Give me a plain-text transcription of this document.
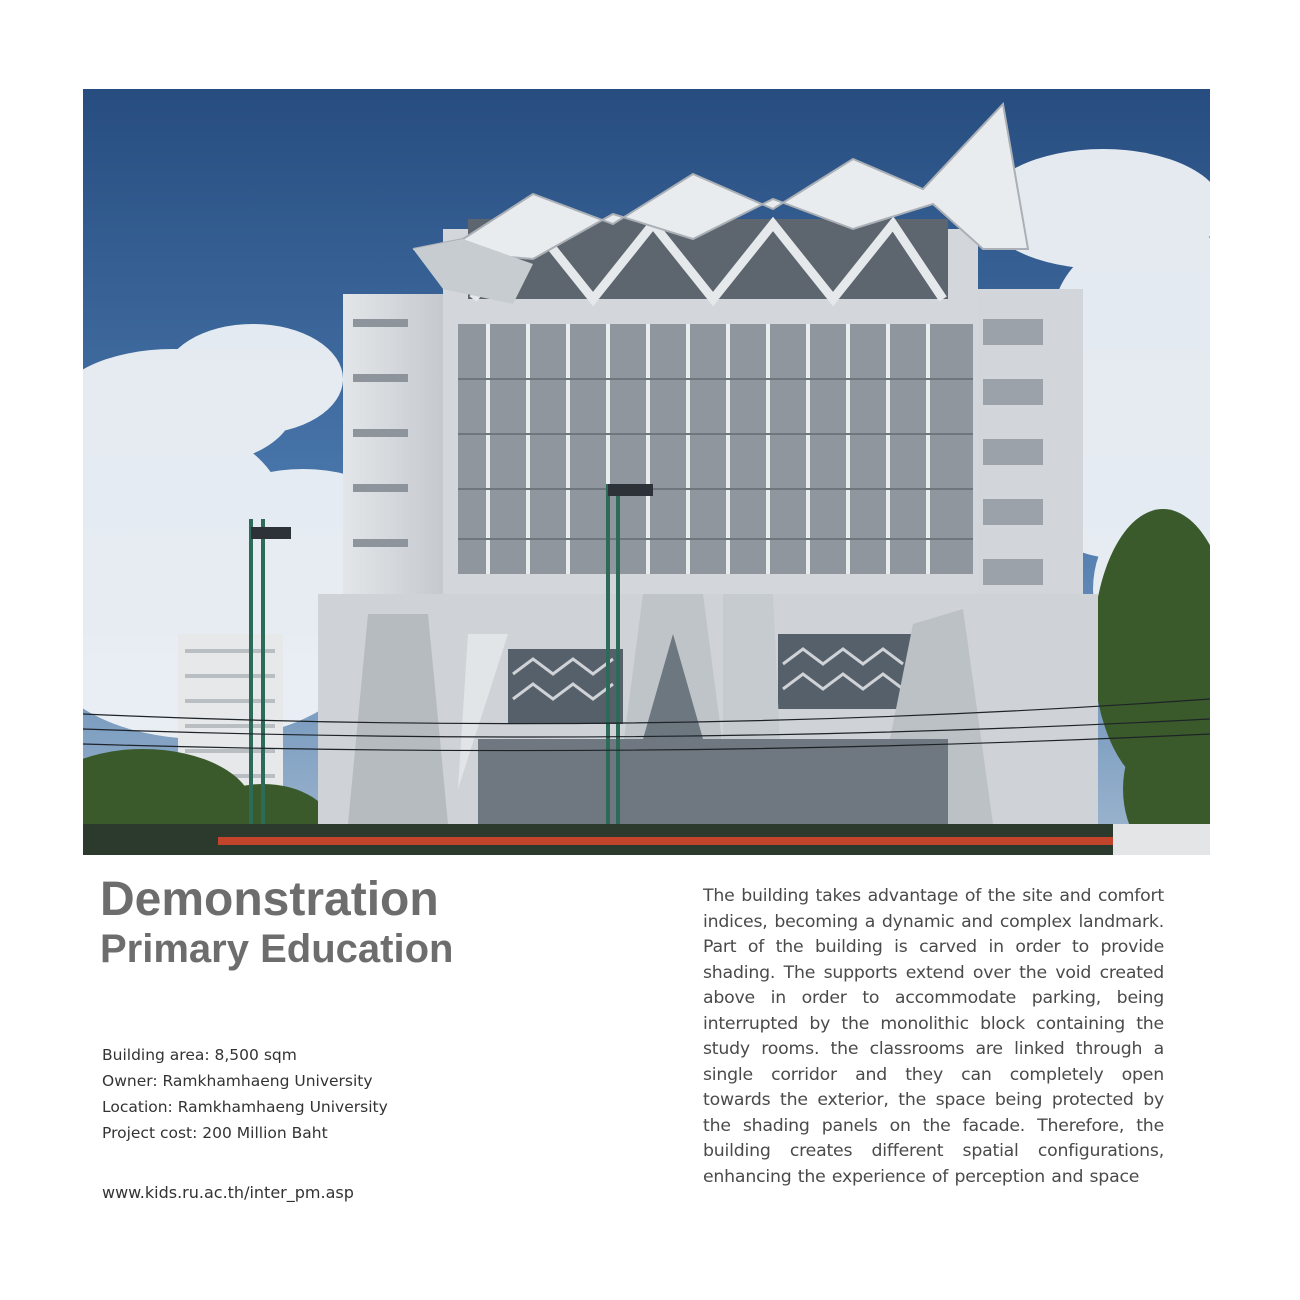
Demonstration
Primary Education
Building area: 8,500 sqm
Owner: Ramkhamhaeng University
Location: Ramkhamhaeng University
Project cost: 200 Million Baht
www.kids.ru.ac.th/inter_pm.asp

The building takes advantage of the site and comfort indices, becoming a dynamic and complex landmark. Part of the building is carved in order to provide shading. The supports extend over the void created above in order to accommodate parking, being interrupted by the monolithic block containing the study rooms. the classrooms are linked through a single corridor and they can completely open towards the exterior, the space being protected by the shading panels on the facade. Therefore, the building creates different spatial configurations, enhancing the experience of perception and space
